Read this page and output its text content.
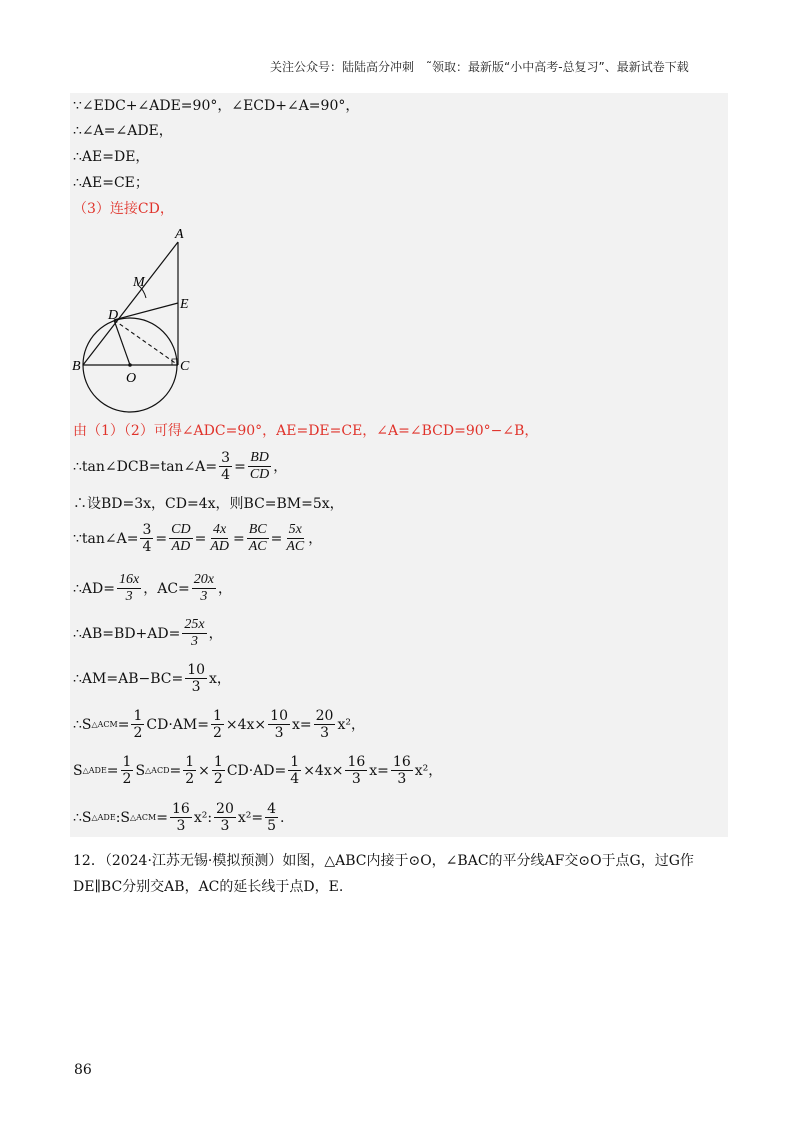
关注公众号：陆陆高分冲刺　˜领取：最新版“小中高考-总复习”、最新试卷下载
∵∠EDC+∠ADE=90°，∠ECD+∠A=90°，
∴∠A=∠ADE，
∴AE=DE，
∴AE=CE；
（3）连接CD，
A
M
E
D
B
O
C
由（1）（2）可得∠ADC=90°，AE=DE=CE，∠A=∠BCD=90°−∠B，
∴tan∠DCB=tan∠A= $\frac{3}{4} = \frac{BD}{CD}$ ，
∴设BD=3x，CD=4x，则BC=BM=5x，
∵tan∠A= $\frac{3}{4} = \frac{CD}{AD} = \frac{4x}{AD} = \frac{BC}{AC} = \frac{5x}{AC}$ ，
∴AD= $\frac{16x}{3}$ ，$AC= \frac{20x}{3}$ ，
∴AB=BD+AD= $\frac{25x}{3}$ ，
∴AM=AB−BC= $\frac{10}{3}$ x，
∴S △ACM = $\frac{1}{2} CD\cdot AM= \frac{1}{2} \times 4x\times \frac{10}{3} x= \frac{20}{3} x^2$，
S △ADE = $\frac{1}{2}$ S △ACD = $\frac{1}{2} \times \frac{1}{2} CD\cdot AD= \frac{1}{4} \times 4x\times \frac{16}{3} x= \frac{16}{3} x^2$，
∴S △ADE :S △ACM = $\frac{16}{3} x^2$: $\frac{20}{3} x^2= \frac{4}{5}$ .
12．（2024·江苏无锡·模拟预测）如图，△ABC内接于⊙O，∠BAC的平分线AF交⊙O于点G，过G作DE∥BC分别交AB，AC的延长线于点D，E.
86
